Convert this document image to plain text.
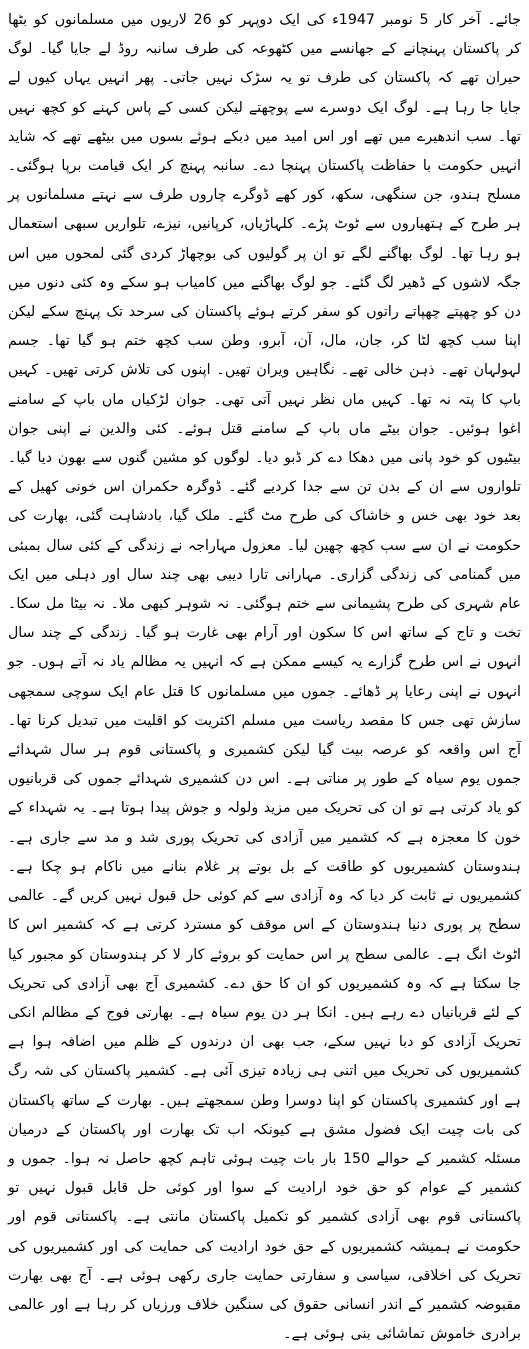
جائے۔ آخر کار 5 نومبر 1947ء کی ایک دوپہر کو 26 لاریوں میں مسلمانوں کو بٹھا کر پاکستان پہنچانے کے جھانسے میں کٹھوعہ کی طرف سانبہ روڈ لے جایا گیا۔ لوگ حیران تھے کہ پاکستان کی طرف تو یہ سڑک نہیں جاتی۔ پھر انہیں یہاں کیوں لے جایا جا رہا ہے۔ لوگ ایک دوسرے سے پوچھتے لیکن کسی کے پاس کہنے کو کچھ نہیں تھا۔ سب اندھیرے میں تھے اور اس امید میں دبکے ہوئے بسوں میں بیٹھے تھے کہ شاید انہیں حکومت با حفاظت پاکستان پہنچا دے۔ سانبہ پہنچ کر ایک قیامت برپا ہوگئی۔ مسلح ہندو، جن سنگھی، سکھ، کور کھے ڈوگرے چاروں طرف سے نہتے مسلمانوں پر ہر طرح کے ہتھیاروں سے ٹوٹ پڑے۔ کلہاڑیاں، کرپانیں، نیزے، تلواریں سبھی استعمال ہو رہا تھا۔ لوگ بھاگنے لگے تو ان پر گولیوں کی بوچھاڑ کردی گئی لمحوں میں اس جگہ لاشوں کے ڈھیر لگ گئے۔ جو لوگ بھاگنے میں کامیاب ہو سکے وہ کئی دنوں میں دن کو چھپتے چھپاتے راتوں کو سفر کرتے ہوئے پاکستان کی سرحد تک پہنچ سکے لیکن اپنا سب کچھ لٹا کر، جان، مال، آن، آبرو، وطن سب کچھ ختم ہو گیا تھا۔ جسم لہولہان تھے۔ ذہن خالی تھے۔ نگاہیں ویران تھیں۔ اپنوں کی تلاش کرتی تھیں۔ کہیں باپ کا پتہ نہ تھا۔ کہیں ماں نظر نہیں آتی تھی۔ جوان لڑکیاں ماں باپ کے سامنے اغوا ہوئیں۔ جوان بیٹے ماں باپ کے سامنے قتل ہوئے۔ کئی والدین نے اپنی جوان بیٹیوں کو خود پانی میں دھکا دے کر ڈبو دیا۔ لوگوں کو مشین گنوں سے بھون دیا گیا۔ تلواروں سے ان کے بدن تن سے جدا کردیے گئے۔ ڈوگرہ حکمران اس خونی کھیل کے بعد خود بھی خس و خاشاک کی طرح مٹ گئے۔ ملک گیا، بادشاہت گئی، بھارت کی حکومت نے ان سے سب کچھ چھین لیا۔ معزول مہاراجہ نے زندگی کے کئی سال بمبئی میں گمنامی کی زندگی گزاری۔ مہارانی تارا دیبی بھی چند سال اور دہلی میں ایک عام شہری کی طرح پشیمانی سے ختم ہوگئی۔ نہ شوہر کبھی ملا۔ نہ بیٹا مل سکا۔ تخت و تاج کے ساتھ اس کا سکون اور آرام بھی غارت ہو گیا۔ زندگی کے چند سال انہوں نے اس طرح گزارے یہ کیسے ممکن ہے کہ انہیں یہ مظالم یاد نہ آتے ہوں۔ جو انہوں نے اپنی رعایا پر ڈھائے۔ جموں میں مسلمانوں کا قتل عام ایک سوچی سمجھی سازش تھی جس کا مقصد ریاست میں مسلم اکثریت کو اقلیت میں تبدیل کرنا تھا۔ آج اس واقعہ کو عرصہ بیت گیا لیکن کشمیری و پاکستانی قوم ہر سال شہدائے جموں یوم سیاہ کے طور پر مناتی ہے۔ اس دن کشمیری شہدائے جموں کی قربانیوں کو یاد کرتی ہے تو ان کی تحریک میں مزید ولولہ و جوش پیدا ہوتا ہے۔ یہ شہداء کے خون کا معجزہ ہے کہ کشمیر میں آزادی کی تحریک پوری شد و مد سے جاری ہے۔ ہندوستان کشمیریوں کو طاقت کے بل بوتے پر غلام بنانے میں ناکام ہو چکا ہے۔ کشمیریوں نے ثابت کر دیا کہ وہ آزادی سے کم کوئی حل قبول نہیں کریں گے۔ عالمی سطح پر پوری دنیا ہندوستان کے اس موقف کو مسترد کرتی ہے کہ کشمیر اس کا اٹوٹ انگ ہے۔ عالمی سطح پر اس حمایت کو بروئے کار لا کر ہندوستان کو مجبور کیا جا سکتا ہے کہ وہ کشمیریوں کو ان کا حق دے۔ کشمیری آج بھی آزادی کی تحریک کے لئے قربانیاں دے رہے ہیں۔ انکا ہر دن یوم سیاہ ہے۔ بھارتی فوج کے مظالم انکی تحریک آزادی کو دبا نہیں سکے، جب بھی ان درندوں کے ظلم میں اضافہ ہوا ہے کشمیریوں کی تحریک میں اتنی ہی زیادہ تیزی آئی ہے۔ کشمیر پاکستان کی شہ رگ ہے اور کشمیری پاکستان کو اپنا دوسرا وطن سمجھتے ہیں۔ بھارت کے ساتھ پاکستان کی بات چیت ایک فضول مشق ہے کیونکہ اب تک بھارت اور پاکستان کے درمیان مسئلہ کشمیر کے حوالے 150 بار بات چیت ہوئی تاہم کچھ حاصل نہ ہوا۔ جموں و کشمیر کے عوام کو حق خود ارادیت کے سوا اور کوئی حل قابل قبول نہیں تو پاکستانی قوم بھی آزادی کشمیر کو تکمیل پاکستان مانتی ہے۔ پاکستانی قوم اور حکومت نے ہمیشہ کشمیریوں کے حق خود ارادیت کی حمایت کی اور کشمیریوں کی تحریک کی اخلاقی، سیاسی و سفارتی حمایت جاری رکھی ہوئی ہے۔ آج بھی بھارت مقبوضہ کشمیر کے اندر انسانی حقوق کی سنگین خلاف ورزیاں کر رہا ہے اور عالمی برادری خاموش تماشائی بنی ہوئی ہے۔
